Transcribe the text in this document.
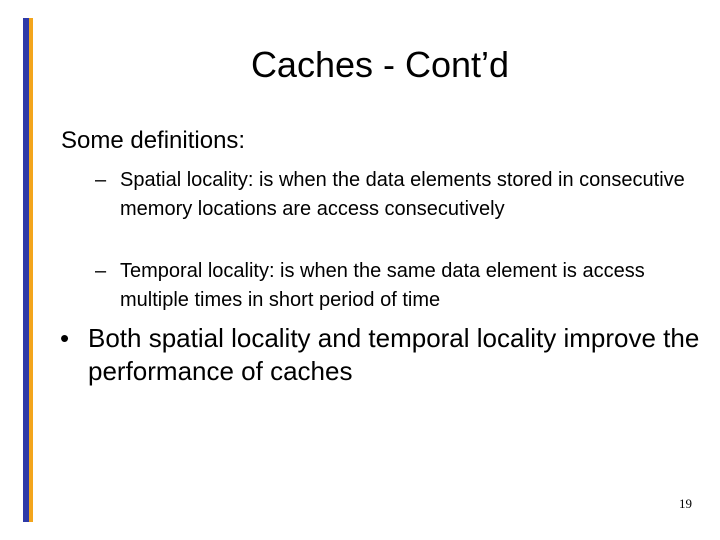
Caches - Cont’d
Some definitions:
– Spatial locality: is when the data elements stored in consecutive memory locations are access consecutively
– Temporal locality: is when the same data element is access multiple times in short period of time
• Both spatial locality and temporal locality improve the performance of caches
19
